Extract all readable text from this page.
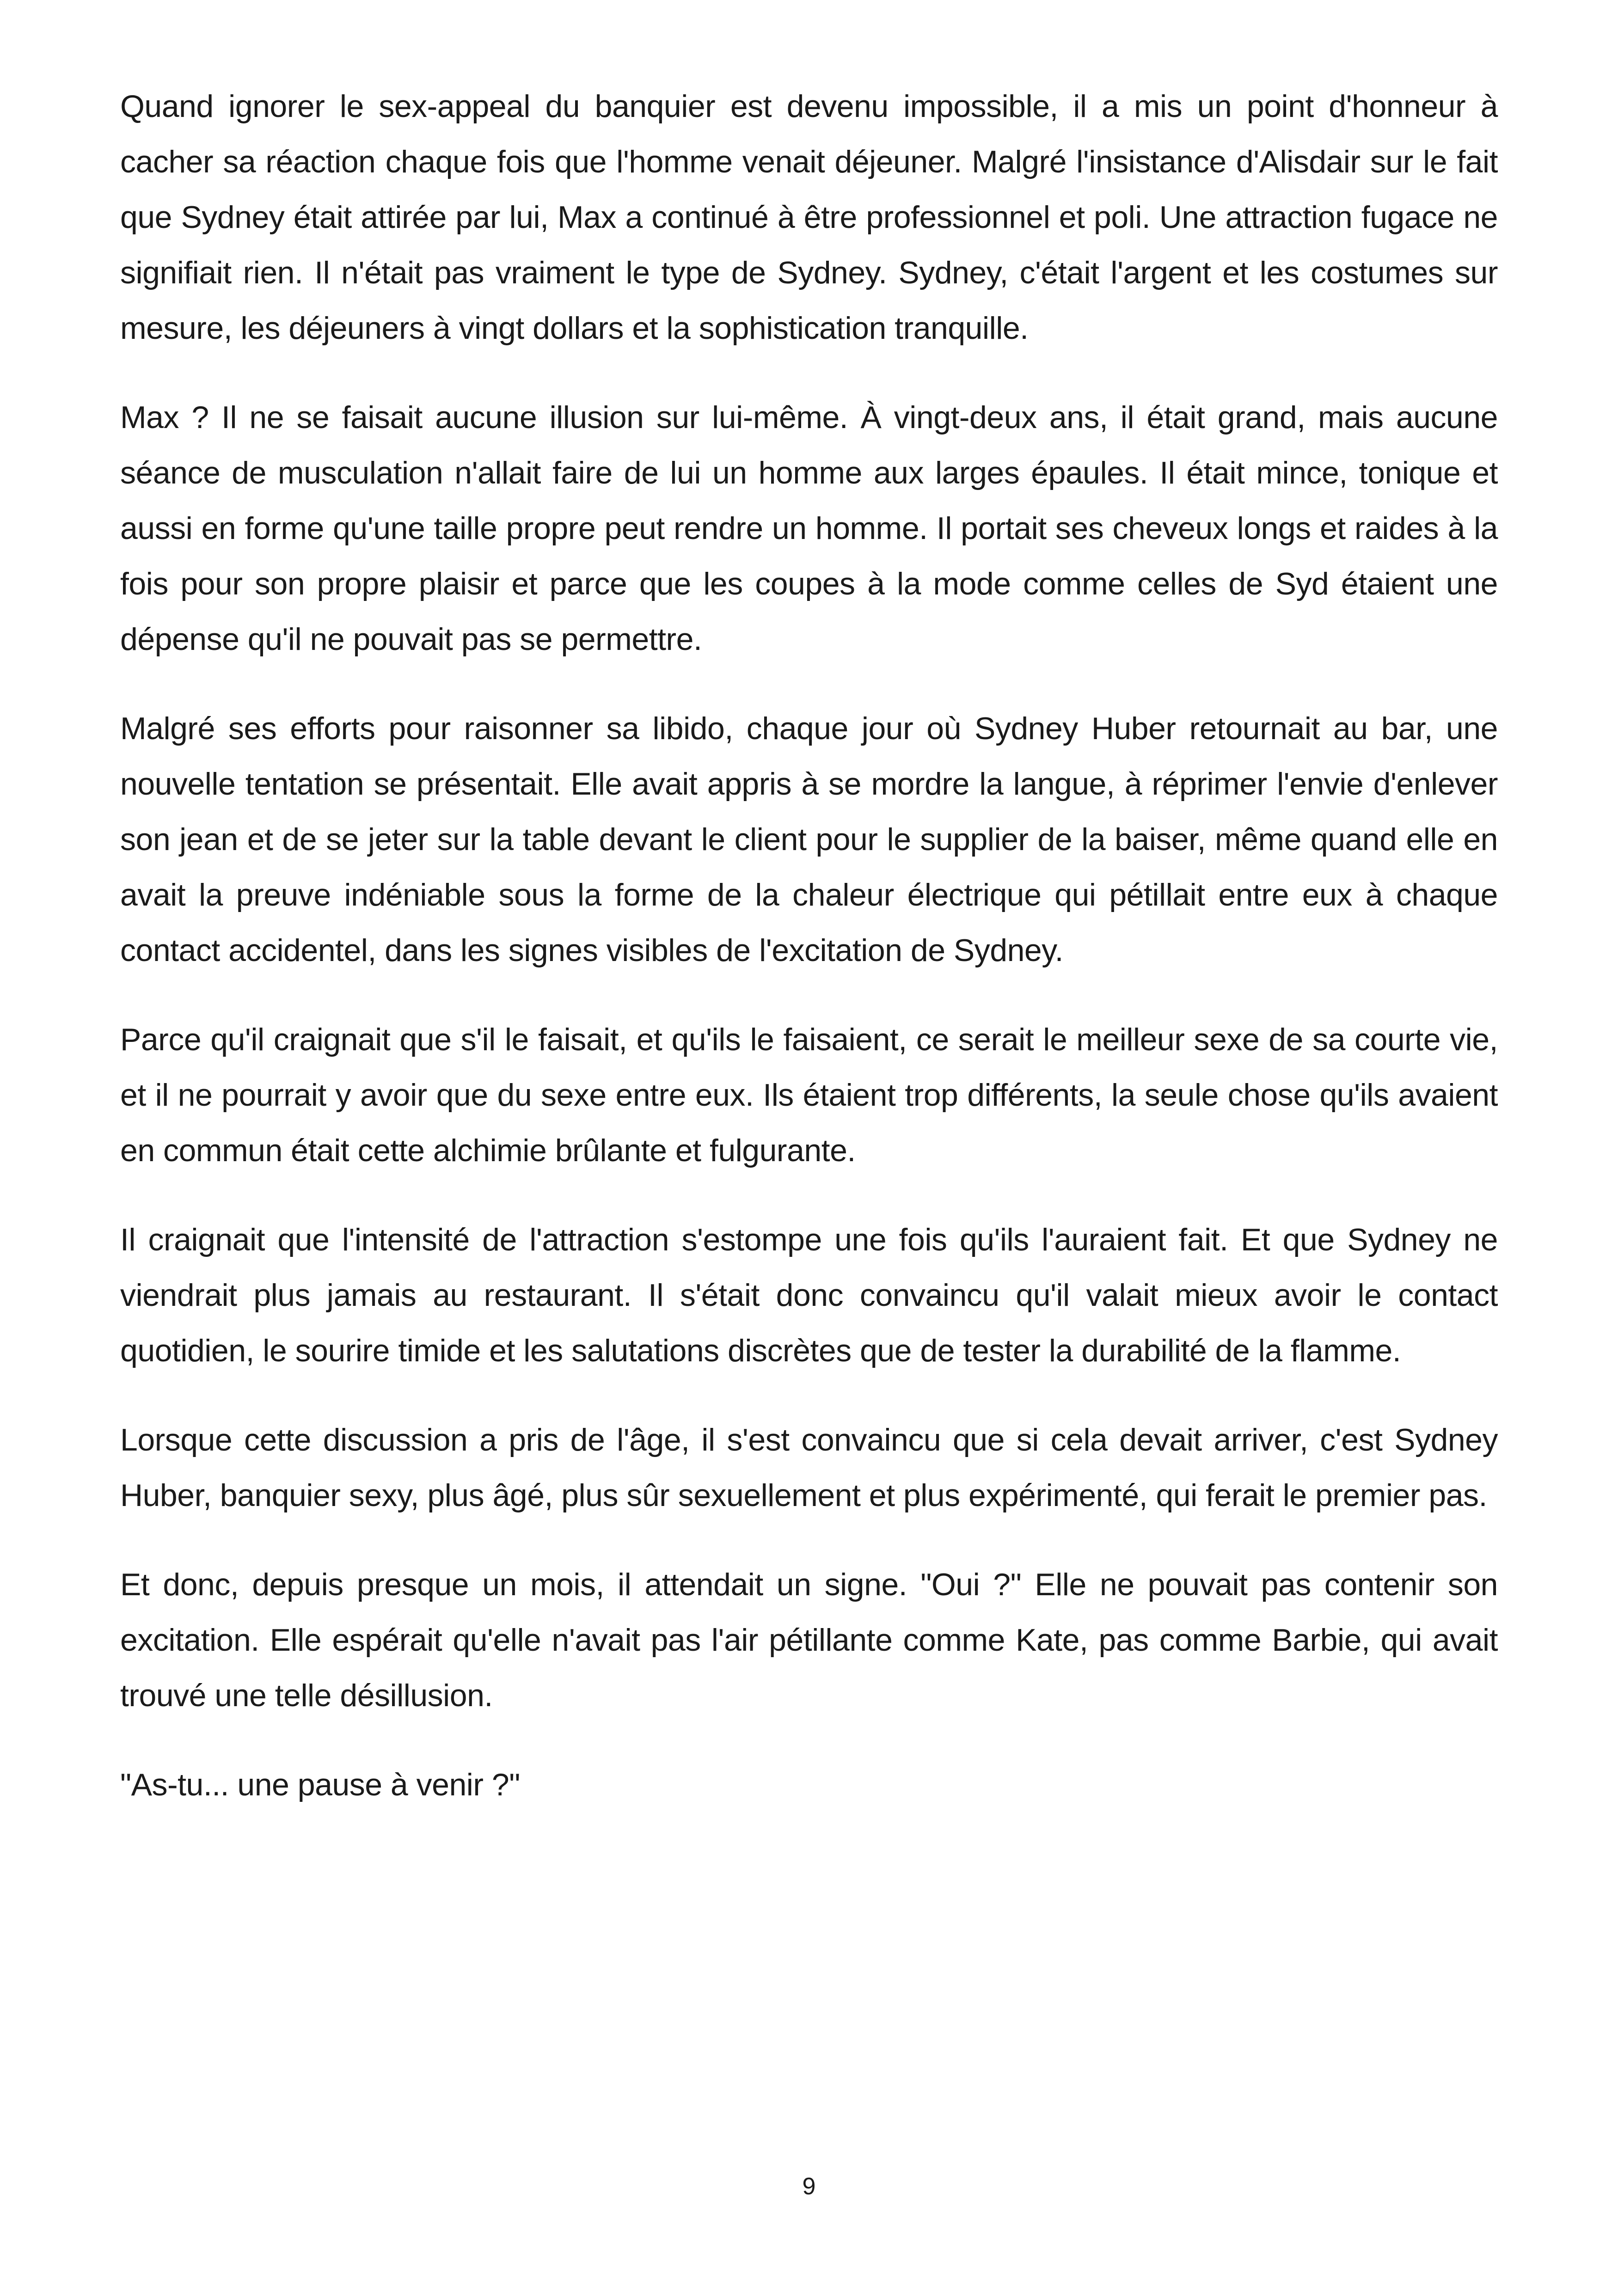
Quand ignorer le sex-appeal du banquier est devenu impossible, il a mis un point d'honneur à cacher sa réaction chaque fois que l'homme venait déjeuner. Malgré l'insistance d'Alisdair sur le fait que Sydney était attirée par lui, Max a continué à être professionnel et poli. Une attraction fugace ne signifiait rien. Il n'était pas vraiment le type de Sydney. Sydney, c'était l'argent et les costumes sur mesure, les déjeuners à vingt dollars et la sophistication tranquille.

Max ? Il ne se faisait aucune illusion sur lui-même. À vingt-deux ans, il était grand, mais aucune séance de musculation n'allait faire de lui un homme aux larges épaules. Il était mince, tonique et aussi en forme qu'une taille propre peut rendre un homme. Il portait ses cheveux longs et raides à la fois pour son propre plaisir et parce que les coupes à la mode comme celles de Syd étaient une dépense qu'il ne pouvait pas se permettre.

Malgré ses efforts pour raisonner sa libido, chaque jour où Sydney Huber retournait au bar, une nouvelle tentation se présentait. Elle avait appris à se mordre la langue, à réprimer l'envie d'enlever son jean et de se jeter sur la table devant le client pour le supplier de la baiser, même quand elle en avait la preuve indéniable sous la forme de la chaleur électrique qui pétillait entre eux à chaque contact accidentel, dans les signes visibles de l'excitation de Sydney.

Parce qu'il craignait que s'il le faisait, et qu'ils le faisaient, ce serait le meilleur sexe de sa courte vie, et il ne pourrait y avoir que du sexe entre eux. Ils étaient trop différents, la seule chose qu'ils avaient en commun était cette alchimie brûlante et fulgurante.

Il craignait que l'intensité de l'attraction s'estompe une fois qu'ils l'auraient fait. Et que Sydney ne viendrait plus jamais au restaurant. Il s'était donc convaincu qu'il valait mieux avoir le contact quotidien, le sourire timide et les salutations discrètes que de tester la durabilité de la flamme.

Lorsque cette discussion a pris de l'âge, il s'est convaincu que si cela devait arriver, c'est Sydney Huber, banquier sexy, plus âgé, plus sûr sexuellement et plus expérimenté, qui ferait le premier pas.

Et donc, depuis presque un mois, il attendait un signe. "Oui ?" Elle ne pouvait pas contenir son excitation. Elle espérait qu'elle n'avait pas l'air pétillante comme Kate, pas comme Barbie, qui avait trouvé une telle désillusion.

"As-tu... une pause à venir ?"

9
